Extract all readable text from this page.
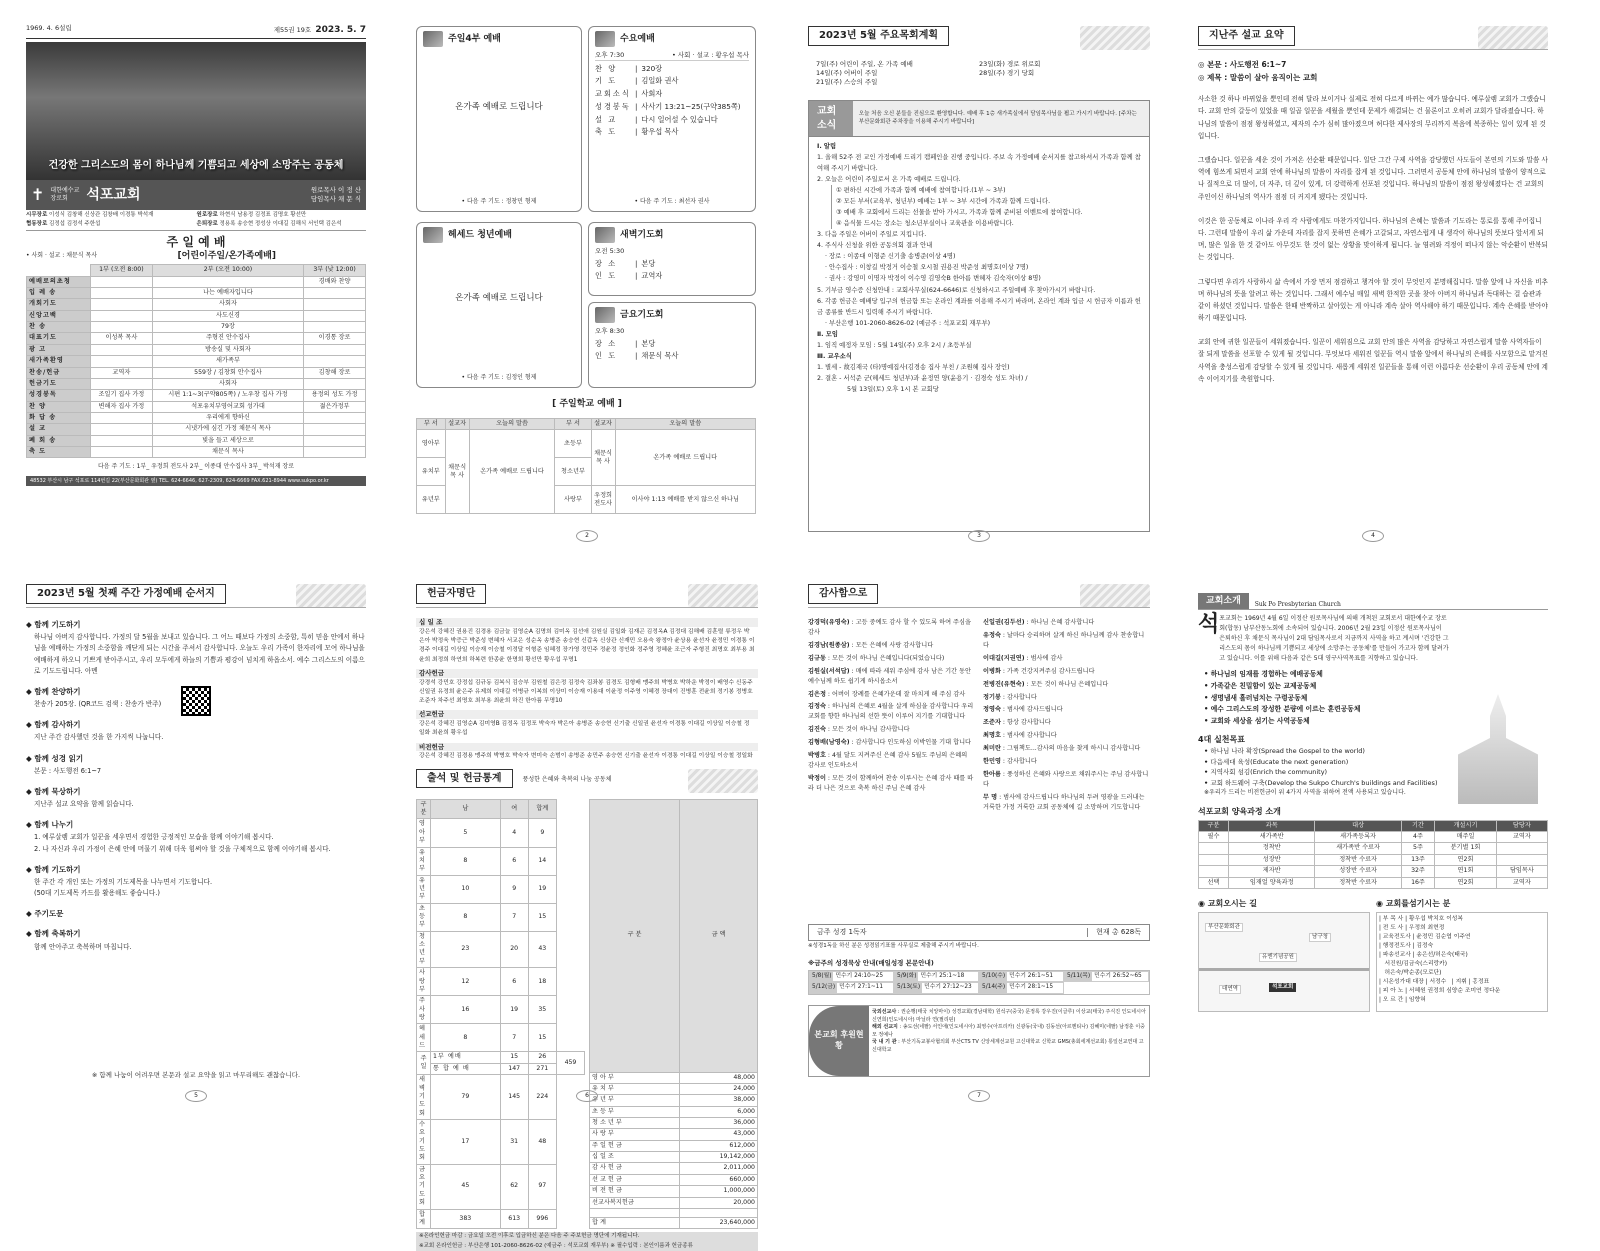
1969. 4. 6설립	제55권 19호 2023. 5. 7
건강한 그리스도의 몸이 하나님께 기쁨되고 세상에 소망주는 공동체
✝ 대한예수교 장로회	석포교회	원로목사 이 정 산
담임목사 채 문 식
시무장로 이성식 김창해 신상관 김창배 이경통 박석재	원로장로 하현식 남용정 김정표 김명호 황선만
협동장로 김정섭 김정석 주한섭	은퇴장로 정용록 송승현 정성상 이대길 김해식 서인택 김은석
주 일 예 배
• 사회 · 설교 : 채문식 목사	[어린이주일/온가족예배]
	1부 (오전 8:00)	2부 (오전 10:00)	3부 (낮 12:00)
예배로의초청			경배와 찬양
입 례 송		나는 예배자입니다	
개회기도		사회자	
신앙고백		사도신경	
찬 송		79장	
대표기도	이성복 목사	주형진 안수집사	이경통 장로
광 고		방송실 및 사회자	
새가족환영		새가족부	
찬송/헌금	교역자	559장 / 김창회 안수집사	김창해 장로
헌금기도		사회자	
성경봉독	조일기 집사 가정	시편 1:1~3(구약805쪽) / 노우창 집사 가정	용정의 성도 가정
찬 양	변해자 집사 가정	석포유치부영어교회 성가대	젊은가정부
화 답 송		우리에게 향하신	
설 교		시냇가에 심긴 가정 채문식 목사	
폐 회 송		빛을 들고 세상으로	
축 도		채문식 목사	
다음 주 기도 : 1부_ 우정희 전도사 2부_ 이종대 안수집사 3부_ 박석재 장로
48532 부산시 남구 석포로 114번길 22(부산문화회관 옆) TEL. 624-6646, 627-2309, 624-6669 FAX.621-8944 www.sukpo.or.kr
주일4부 예배
온가족 예배로 드립니다
• 다음 주 기도 : 정창민 형제
수요예배
오후 7:30	• 사회 · 설교 : 황우섭 목사
찬 양	| 320장
기 도	| 김일화 권사
교회소식 | 사회자
성경봉독 | 사사기 13:21~25(구약385쪽)
설 교	| 다시 일어설 수 있습니다
축 도	| 황우섭 목사
• 다음 주 기도 : 최선자 권사
헤세드 청년예배
온가족 예배로 드립니다
• 다음 주 기도 : 김정인 형제
새벽기도회
오전 5:30
장 소	| 본당
인 도	| 교역자
금요기도회
오후 8:30
장 소	| 본당
인 도	| 채문식 목사
[ 주일학교 예배 ]
부 서	설교자	오늘의 말씀	부 서	설교자	오늘의 말씀
영아부	채문식 목 사	온가족 예배로 드립니다	초등부	채문식 목 사	온가족 예배로 드립니다
유치부			청소년부		
유년부			사랑부	우정희 전도사	이사야 1:13 예배를 받지 않으신 하나님
2
2023년 5월 주요목회계획
7일(주) 어린이 주일, 온 가족 예배
14일(주) 어버이 주일
21일(주) 스승의 주일
23일(화) 경로 위로회
28일(주) 경기 당회
교회소식
오늘 처음 오신 분들을 진심으로 환영합니다. 예배 후 1층 새가족실에서 담임목사님을 뵙고 가시기 바랍니다. [주차는 부산문화회관 주차장을 이용해 주시기 바랍니다]
Ⅰ. 알림
1. 올해 52주 전 교인 가정예배 드리기 캠페인을 진행 중입니다. 주보 속 가정예배 순서지를 참고하셔서 가족과 함께 참여해 주시기 바랍니다.
2. 오늘은 어린이 주일로서 온 가족 예배로 드립니다.
① 편하신 시간에 가족과 함께 예배에 참여합니다.(1부 ~ 3부)
② 모든 부서(교육부, 청년부) 예배는 1부 ~ 3부 시간에 가족과 함께 드립니다.
③ 예배 후 교회에서 드리는 선물을 받아 가시고, 가족과 함께 준비된 이벤트에 참여합니다.
④ 음식물 드시는 장소는 청소년부실이나 교육관을 이용바랍니다.
3. 다음 주일은 어버이 주일로 지킵니다.
4. 주식사 신청을 위한 공동의회 결과 안내
· 장로 : 이종대 이형준 신기출 송병준(이상 4명)
· 안수집사 : 이창길 박정거 이승철 오시철 권용진 박준성 최명호(이상 7명)
· 권사 : 강영미 이명자 박정이 이수영 김영숙B 한아름 변혜자 김숙자(이상 8명)
5. 기부금 영수증 신청안내 : 교회사무실(624-6646)로 신청하시고 주일예배 후 찾아가시기 바랍니다.
6. 각종 헌금은 예배당 입구의 헌금함 또는 온라인 계좌를 이용해 주시기 바라며, 온라인 계좌 입금 시 헌금자 이름과 헌금 종류를 반드시 입력해 주시기 바랍니다.
· 부산은행 101-2060-8626-02 (예금주 : 석포교회 재무부)
Ⅱ. 모임
1. 임직 예정자 모임 : 5월 14일(주) 오후 2시 / 초등부실
Ⅲ. 교우소식
1. 별세 - 故김재국 (타)명예집사(김경송 집사 부친 / 조원혜 집사 장인)
2. 결혼 - 서석준 군(헤세드 청년부)과 윤정연 양(윤용기 · 김경숙 성도 차녀) /
5월 13일(토) 오후 1시 본 교회당
3
지난주 설교 요약
◎ 본문 : 사도행전 6:1~7
◎ 제목 : 말씀이 살아 움직이는 교회

사소한 것 하나 바뀌었을 뿐인데 전혀 달라 보이거나 실제로 전혀 다르게 바뀌는 예가 많습니다. 예루살렘 교회가 그랬습니다. 교회 안의 갈등이 있었을 때 일곱 일꾼을 세웠을 뿐인데 문제가 해결되는 건 물론이고 오히려 교회가 달라졌습니다. 하나님의 말씀이 점점 왕성하였고, 제자의 수가 심히 많아졌으며 허다한 제사장의 무리까지 복음에 복종하는 일이 있게 된 것입니다.

그랬습니다. 일꾼을 세운 것이 가져온 선순환 때문입니다. 일단 그간 구제 사역을 감당했던 사도들이 본연의 기도와 말씀 사역에 힘쓰게 되면서 교회 안에 하나님의 말씀이 자리를 잡게 된 것입니다. 그러면서 공동체 안에 하나님의 말씀이 양적으로나 질적으로 더 많이, 더 자주, 더 깊이 있게, 더 강력하게 선포된 것입니다. 하나님의 말씀이 점점 왕성해졌다는 건 교회의 주인이신 하나님의 역사가 점점 더 커지게 됐다는 것입니다.

이것은 한 공동체로 이나라 우리 각 사람에게도 마찬가지입니다. 하나님의 은혜는 말씀과 기도라는 통로를 통해 주어집니다. 그런데 말씀이 우리 삶 가운데 자리를 잡지 못하면 은혜가 고갈되고, 자연스럽게 내 생각이 하나님의 뜻보다 앞서게 되며, 많은 일을 한 것 같아도 아무것도 한 것이 없는 상황을 맞이하게 됩니다. 늘 염려와 걱정이 떠나지 않는 악순환이 반복되는 것입니다.

그렇다면 우리가 사랑하시 삶 속에서 가장 먼저 점검하고 챙겨야 할 것이 무엇인지 분명해집니다. 말씀 앞에 나 자신을 비추며 하나님의 뜻을 알려고 하는 것입니다. 그래서 예수님 매일 새벽 한적한 곳을 찾아 아버지 하나님과 독대하는 걸 습관과 같이 하셨던 것입니다. 말씀은 한때 반짝하고 살아있는 게 아니라 계속 살아 역사해야 하기 때문입니다. 계속 은혜를 받아야 하기 때문입니다.

교회 안에 귀한 일꾼들이 세워졌습니다. 일꾼이 세워짐으로 교회 안의 많은 사역을 감당하고 자연스럽게 말씀 사역자들이 잘 되게 말씀을 선포할 수 있게 될 것입니다. 무엇보다 세워진 일꾼들 역시 말씀 앞에서 하나님의 은혜를 사모함으로 맡겨진 사역을 충성스럽게 감당할 수 있게 될 것입니다. 새롭게 세워진 일꾼들을 통해 이런 아름다운 선순환이 우리 공동체 안에 계속 이어지기를 축원합니다.

4
2023년 5월 첫째 주간 가정예배 순서지
◆ 함께 기도하기
하나님 아버지 감사합니다. 가정의 달 5월을 보내고 있습니다. 그 어느 때보다 가정의 소중함, 특히 믿음 안에서 하나님을 예배하는 가정의 소중함을 깨닫게 되는 시간을 주셔서 감사합니다. 오늘도 우리 가족이 한자리에 모여 하나님을 예배하게 하오니 기쁘게 받아주시고, 우리 모두에게 하늘의 기쁨과 평강이 넘치게 하옵소서. 예수 그리스도의 이름으로 기도드립니다. 아멘
◆ 함께 찬양하기
찬송가 205장. (QR코드 검색 : 찬송가 반주)
◆ 함께 감사하기
지난 주간 감사했던 것을 한 가지씩 나눕니다.
◆ 함께 성경 읽기
본문 : 사도행전 6:1~7
◆ 함께 묵상하기
지난주 설교 요약을 함께 읽습니다.
◆ 함께 나누기
1. 예루살렘 교회가 일꾼을 세우면서 경험한 긍정적인 모습을 함께 이야기해 봅시다.
2. 나 자신과 우리 가정이 은혜 안에 머물기 위해 더욱 힘써야 할 것을 구체적으로 함께 이야기해 봅시다.
◆ 함께 기도하기
한 주간 각 개인 또는 가정의 기도제목을 나누면서 기도합니다.
(50대 기도제목 카드를 활용해도 좋습니다.)
◆ 주기도문
◆ 함께 축복하기
함께 안아주고 축복하며 마칩니다.
※ 함께 나눔이 어려우면 본문과 설교 요약을 읽고 마무리해도 괜찮습니다.
5
헌금자명단
십 일 조
강은석 강혜진 권용진 김경용 김금늘 김영순A 김명희 김미옥 김선애 김원실 김일화 김재곤 김정옥A 김정대 김해배 김훈렬 류정우 박은아 박정욱 박증근 박준성 변혜자 서교은 성순옥 송병준 송승현 신갑옥 신상관 신재민 오용숙 왕정아 윤상용 윤선자 윤정민 이경통 이경주 이대길 이상일 이승재 이승철 이정달 이형준 임혜정 장가영 정민주 정윤정 정인화 정주영 정혜윤 조근자 주형진 최명호 최부용 최윤희 최정희 하연희 하복련 한종윤 한명희 황선만 황우섭 무명1
감사헌금
강경석 강민호 강정섭 김규동 김복식 김승부 김원철 김은정 김정숙 김좌봉 김경도 김형배 맹주희 박병호 박하운 박정이 배영수 신동주 신일권 유정희 윤은주 유제희 이대길 이병규 이복희 이상미 이승재 이용대 이윤정 이주영 이혜경 장대이 진병훈 전윤희 정기봉 정병호 조준자 차주선 최명호 최부용 최윤희 하진 한아름 무명10
선교헌금
강은석 강혜진 김영순A 김미영B 김정옥 김정포 박숙자 박은아 송병준 송승현 신기출 신일권 윤선자 이경통 이대길 이상일 이승철 정일화 최윤희 황우섭
비전헌금
강은석 강혜진 김경용 맹주희 박병호 박숙자 변미숙 손범이 송병준 송민주 송승현 신기출 윤선자 이경통 이대길 이상일 이승철 정일화
출석 및 헌금통계	풍성한 은혜와 축복의 나눔 공동체
구 분	남	여	합계	
영 아 부	5	4	9	
유 치 부	8	6	14	
유 년 부	10	9	19	
초 등 부	8	7	15	
청 소 년 부	23	20	43	
사 랑 부	12	6	18	
주 사 랑	16	19	35	
헤 세 드	8	7	15	
주일	1부 예배	15	26	459
	통 합 예 배	147	271	
새 벽 기 도 회	79	145	224	
수 요 기 도 회	17	31	48	
금 요 기 도 회	45	62	97	
합 계	383	613	996	
구 분	금 액
영 아 부	48,000
유 치 부	24,000
유 년 부	38,000
초 등 부	6,000
청 소 년 부	36,000
사 랑 부	43,000
주 일 헌 금	612,000
십 일 조	19,142,000
감 사 헌 금	2,011,000
선 교 헌 금	660,000
비 전 헌 금	1,000,000
선교사복지헌금	20,000

합 계	23,640,000
※온라인헌금 마감 : 금요일 오전 이후로 입금하신 분은 다음 주 주보헌금 명단에 기재됩니다.
※교회 온라인헌금 : 부산은행 101-2060-8626-02 (예금주 : 석포교회 재무부) ※ 필수입력 : 본인이름과 헌금종류
6
감사함으로
강경덕(유영숙) : 고등 중예도 감사 할 수 있도록 하여 주심을 감사
김경남(원종삼) : 모든 은혜에 사랑 감사합니다
김규동 : 모든 것이 하나님 은혜입니다(되었습니다)
김원실(서석답) : 매에 따라 세워 주심에 감사 남은 기간 동안 예수님께 하도 쉽기게 하시옵소서
김은정 : 어버이 장례를 은혜가운데 잘 마치게 해 주심 감사
김정숙 : 하나님의 은혜로 4월을 살게 하심을 감사합니다 우리교회를 향한 하나님의 선한 뜻이 이루어 지기를 기대합니다
김진숙 : 모든 것이 하나님 감사합니다
김형배(남영숙) : 감사합니다 인도하심 이박인물 기대 합니다
박병호 : 4월 달도 지켜주신 은혜 감사 5월도 주님의 은혜의 감사로 인도하소서
박정이 : 모든 것이 함께하여 찬송 이루시는 은혜 감사 때를 따라 더 나은 것으로 축복 하신 주님 은혜 감사
신일권(김두선) : 하나님 은혜 감사합니다
유정숙 : 날마다 승리하며 살게 하신 하나님께 감사 찬송합니다
이대길(지권연) : 범사에 감사
이병화 : 가족 건강지켜주심 감사드립니다
전병진(유현숙) : 모든 것이 하나님 은혜입니다
정기봉 : 감사합니다
정영숙 : 범사에 감사드립니다
조준자 : 항상 감사합니다
최명호 : 범사에 감사합니다
최미란 : 그림책도...감사의 마음을 찾게 하시니 감사합니다
한민영 : 감사합니다
한아름 : 풍성하신 은혜와 사랑으로 채워주시는 주님 감사합니다
무 명 : 범사에 감사드립니다 하나님의 두려 영광을 드러내는 거룩한 가정 거룩한 교회 공동체에 길 소망하며 기도합니다
금주 성경 1독자	현재 총 628독
※성경1독을 하신 분은 성경읽기표를 사무실로 제출해 주시기 바랍니다.
※금주의 성경묵상 안내(매일성경 본문안내)
5/8(월) 민수기 24:10~25	5/9(화) 민수기 25:1~18	5/10(수) 민수기 26:1~51	5/11(목) 민수기 26:52~65
5/12(금) 민수기 27:1~11	5/13(토) 민수기 27:12~23	5/14(주) 민수기 28:1~15
본교회 후원현황
국외선교사 : 권순행(태국 치앙마이) 성경교회(경남대학) 원석구(중국) 문정록 강우진(이글루) 이상교(태국) 주식진 인도네시아 신연희(인도네시아) 마닐라 연(필리핀)
해외 선교지 : 송도선(네팔) 서인애(인도네시아) 최영수(아프리카) 신광동(국내) 김동선(아르헨티나) 김혜미(네팔) 남정훈 이중모 정예나
국 내 기 관 : 부산기독교봉사협의회 부산CTS TV 신앙세계선교원 고신대학교 신학교 GMS(총회세계선교회) 통일선교연대 고신대학교
7
교회소개	Suk Po Presbyterian Church
석 포교회는 1969년 4월 6일 이정산 원로목사님에 의해 개척된 교회로서 대한예수교 장로회(합동) 남부산동노회에 소속되어 있습니다. 2006년 2월 23일 이정산 원로목사님이 은퇴하신 후 채문식 목사님이 2대 담임목사로서 지금까지 사역을 하고 계시며 '건강한 그리스도의 몸이 하나님께 기쁨되고 세상에 소망주는 공동체'를 만들어 가고자 함께 달려가고 있습니다. 이를 위해 다음과 같은 5대 영구사역목표를 지향하고 있습니다.
• 하나님의 임재를 경험하는 예배공동체
• 가족같은 친밀함이 있는 교제공동체
• 생명냄새 흘러넘치는 구령공동체
• 예수 그리스도의 장성한 분량에 이르는 훈련공동체
• 교회와 세상을 섬기는 사역공동체
4대 실천목표
• 하나님 나라 확장(Spread the Gospel to the world)
• 다음세대 육성(Educate the next generation)
• 지역사회 섬김(Enrich the community)
• 교회 하드웨어 구축(Develop the Sukpo Church's buildings and Facilities)
※우리가 드리는 비전헌금이 위 4가지 사역을 위하여 전액 사용되고 있습니다.
석포교회 양육과정 소개
구분	과목	대상	기간	개설시기	담당자
필수	새가족반	새가족등록자	4주	매주일	교역자
	정착반	새가족반 수료자	5주	분기별 1회	
	성장반	정착반 수료자	13주	연2회	
	제자반	성장반 수료자	32주	연1회	담임목사
선택	임재얼 양육과정	정착반 수료자	16주	연2회	교역자
◉ 교회오시는 길
부산문화회관
유엔기념공원
석포교회
대연역
남구청
◉ 교회를섬기시는 분
| 부 목 사 | 황우섭 박치호 이성복
| 전 도 사 | 우정희 최현정
| 교육전도사 | 윤정민 김순엽 이주연
| 행정전도사 | 김정숙
| 파송선교사 | 송은선/허은숙(태국)
서진원/김금숙(스리랑카)
허은숙/박순종(모로단)
| 시온성가대 대장 | 서정수   | 지휘 | 홍정표
| 피 아 노 | 서혜원 권정희 심양순 조미연 정다운
| 오 르 간 | 임향혀
